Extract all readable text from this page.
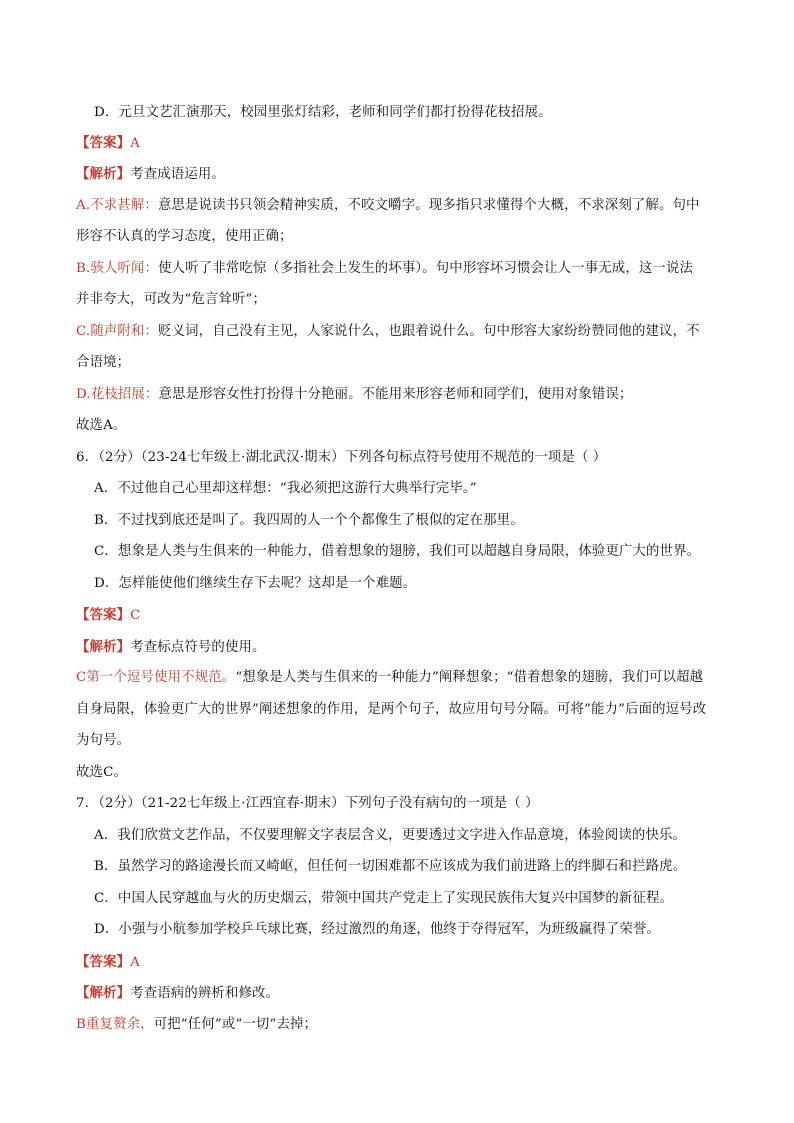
D．元旦文艺汇演那天，校园里张灯结彩，老师和同学们都打扮得花枝招展。
【答案】A
【解析】考查成语运用。
A.不求甚解：意思是说读书只领会精神实质，不咬文嚼字。现多指只求懂得个大概，不求深刻了解。句中
形容不认真的学习态度，使用正确；
B.骇人听闻：使人听了非常吃惊（多指社会上发生的坏事）。句中形容坏习惯会让人一事无成，这一说法
并非夸大，可改为“危言耸听”；
C.随声附和：贬义词，自己没有主见，人家说什么，也跟着说什么。句中形容大家纷纷赞同他的建议，不
合语境；
D.花枝招展：意思是形容女性打扮得十分艳丽。不能用来形容老师和同学们，使用对象错误；
故选A。
6．（2分）（23-24七年级上·湖北武汉·期末）下列各句标点符号使用不规范的一项是（ ）
A．不过他自己心里却这样想：“我必须把这游行大典举行完毕。”
B．不过找到底还是叫了。我四周的人一个个都像生了根似的定在那里。
C．想象是人类与生俱来的一种能力，借着想象的翅膀，我们可以超越自身局限，体验更广大的世界。
D．怎样能使他们继续生存下去呢？这却是一个难题。
【答案】C
【解析】考查标点符号的使用。
C第一个逗号使用不规范。“想象是人类与生俱来的一种能力”阐释想象；“借着想象的翅膀，我们可以超越
自身局限，体验更广大的世界”阐述想象的作用，是两个句子，故应用句号分隔。可将“能力”后面的逗号改
为句号。
故选C。
7．（2分）（21-22七年级上·江西宜春·期末）下列句子没有病句的一项是（ ）
A．我们欣赏文艺作品，不仅要理解文字表层含义，更要透过文字进入作品意境，体验阅读的快乐。
B．虽然学习的路途漫长而又崎岖，但任何一切困难都不应该成为我们前进路上的绊脚石和拦路虎。
C．中国人民穿越血与火的历史烟云，带领中国共产党走上了实现民族伟大复兴中国梦的新征程。
D．小强与小航参加学校乒乓球比赛，经过激烈的角逐，他终于夺得冠军，为班级赢得了荣誉。
【答案】A
【解析】考查语病的辨析和修改。
B重复赘余，可把“任何”或“一切”去掉；
